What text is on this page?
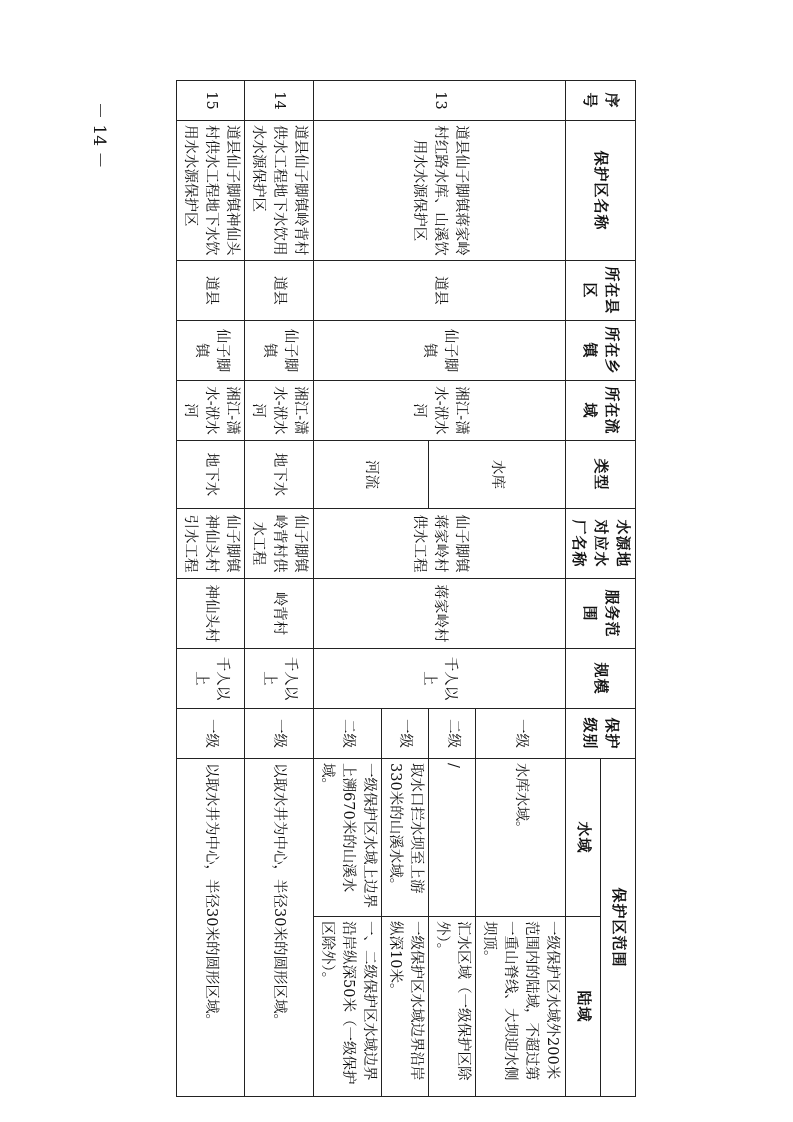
－ 14 －
序号	保护区名称	所在县区	所在乡镇	所在流域	类型	水源地对应水厂名称	服务范围	规模	保护级别	保护区范围	
										水域	陆域
13	道县仙子脚镇蒋家岭村红路水库、山溪饮用水水源保护区	道县	仙子脚镇	湘江-潇水-洑水河	水库	仙子脚镇蒋家岭村供水工程	蒋家岭村	千人以上	一级	水库水域。	一级保护区水域外200米范围内的陆域，不超过第一重山脊线、大坝迎水侧坝顶。
									二级	/	汇水区域（一级保护区除外）。
					河流				一级	取水口拦水坝至上游330米的山溪水域。	一级保护区水域边界沿岸纵深10米。
									二级	一级保护区水域上边界上溯670米的山溪水域。	一、二级保护区水域边界沿岸纵深50米（一级保护区除外）。
14	道县仙子脚镇岭背村供水工程地下水饮用水水源保护区	道县	仙子脚镇	湘江-潇水-洑水河	地下水	仙子脚镇岭背村供水工程	岭背村	千人以上	一级	以取水井为中心，半径30米的圆形区域。	
15	道县仙子脚镇神仙头村供水工程地下水饮用水水源保护区	道县	仙子脚镇	湘江-潇水-洑水河	地下水	仙子脚镇神仙头村引水工程	神仙头村	千人以上	一级	以取水井为中心，半径30米的圆形区域。	
